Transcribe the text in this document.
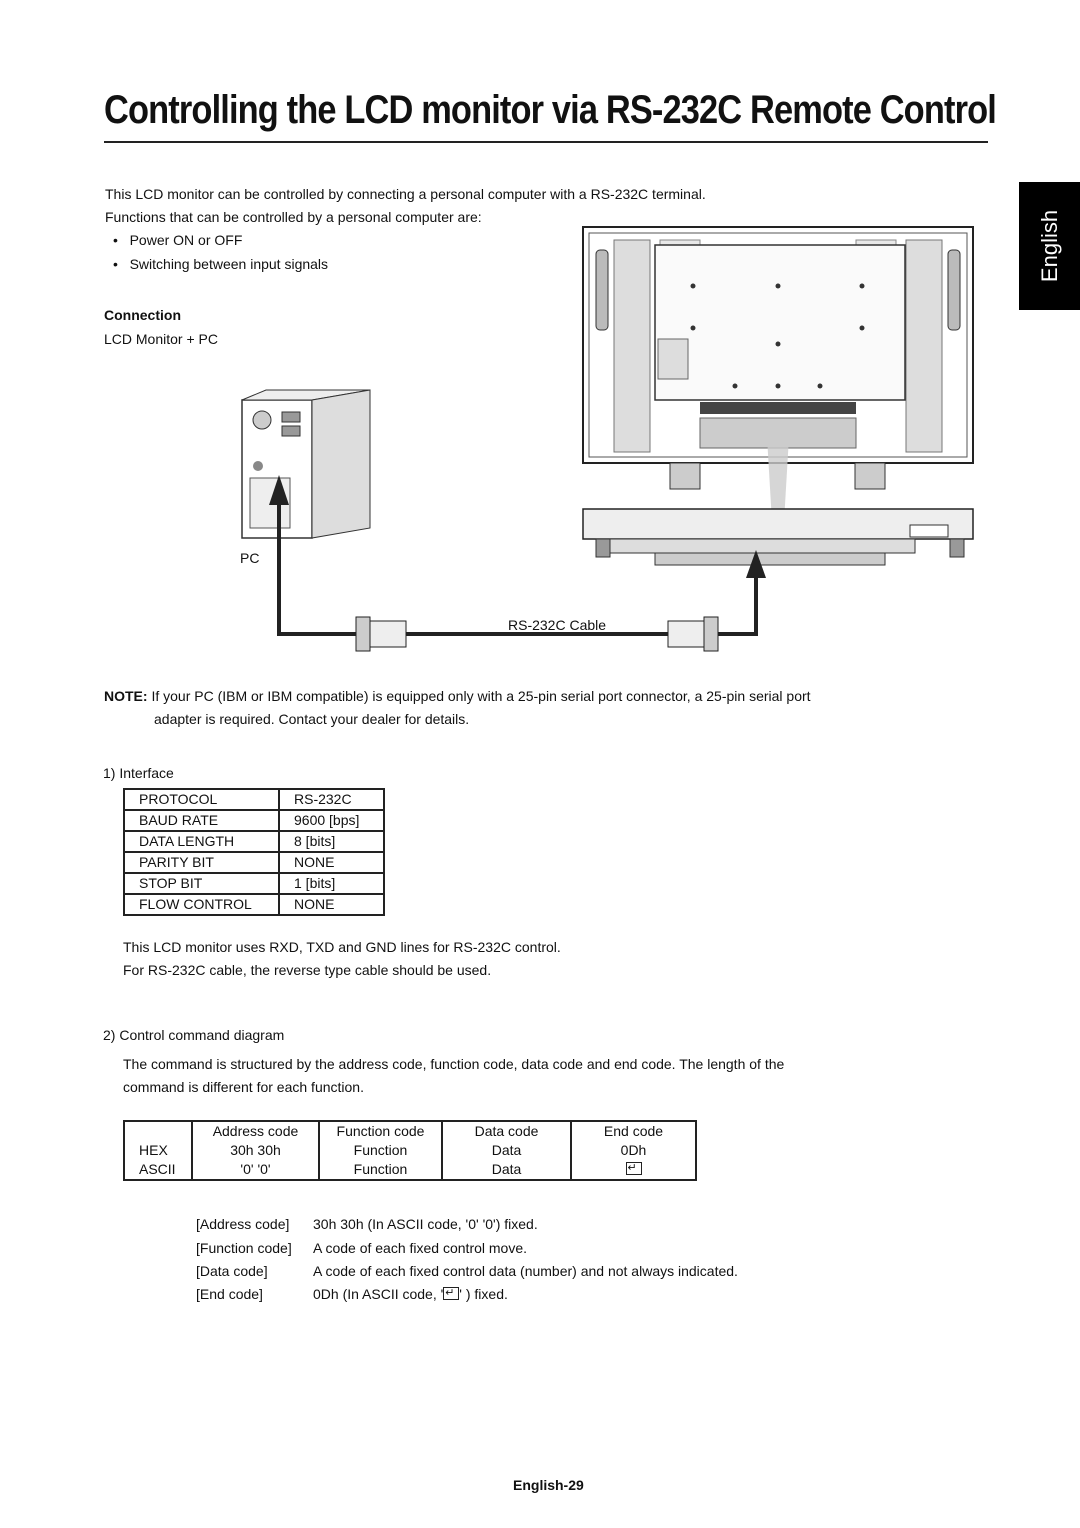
Controlling the LCD monitor via RS-232C Remote Control
English
This LCD monitor can be controlled by connecting a personal computer with a RS-232C terminal.
Functions that can be controlled by a personal computer are:
•   Power ON or OFF
•   Switching between input signals
Connection
LCD Monitor + PC
PC
RS-232C Cable
NOTE: If your PC (IBM or IBM compatible) is equipped only with a 25-pin serial port connector, a 25-pin serial port
adapter is required. Contact your dealer for details.
1) Interface
PROTOCOL	RS-232C
BAUD RATE	9600 [bps]
DATA LENGTH	8 [bits]
PARITY BIT	NONE
STOP BIT	1 [bits]
FLOW CONTROL	NONE
This LCD monitor uses RXD, TXD and GND lines for RS-232C control.
For RS-232C cable, the reverse type cable should be used.
2) Control command diagram
The command is structured by the address code, function code, data code and end code. The length of the
command is different for each function.
	Address code	Function code	Data code	End code
HEX	30h 30h	Function	Data	0Dh
ASCII	'0' '0'	Function	Data	↵
[Address code] 30h 30h (In ASCII code, '0' '0') fixed.
[Function code] A code of each fixed control move.
[Data code]	A code of each fixed control data (number) and not always indicated.
[End code]	0Dh (In ASCII code, ' ↵ ' ) fixed.
English-29
